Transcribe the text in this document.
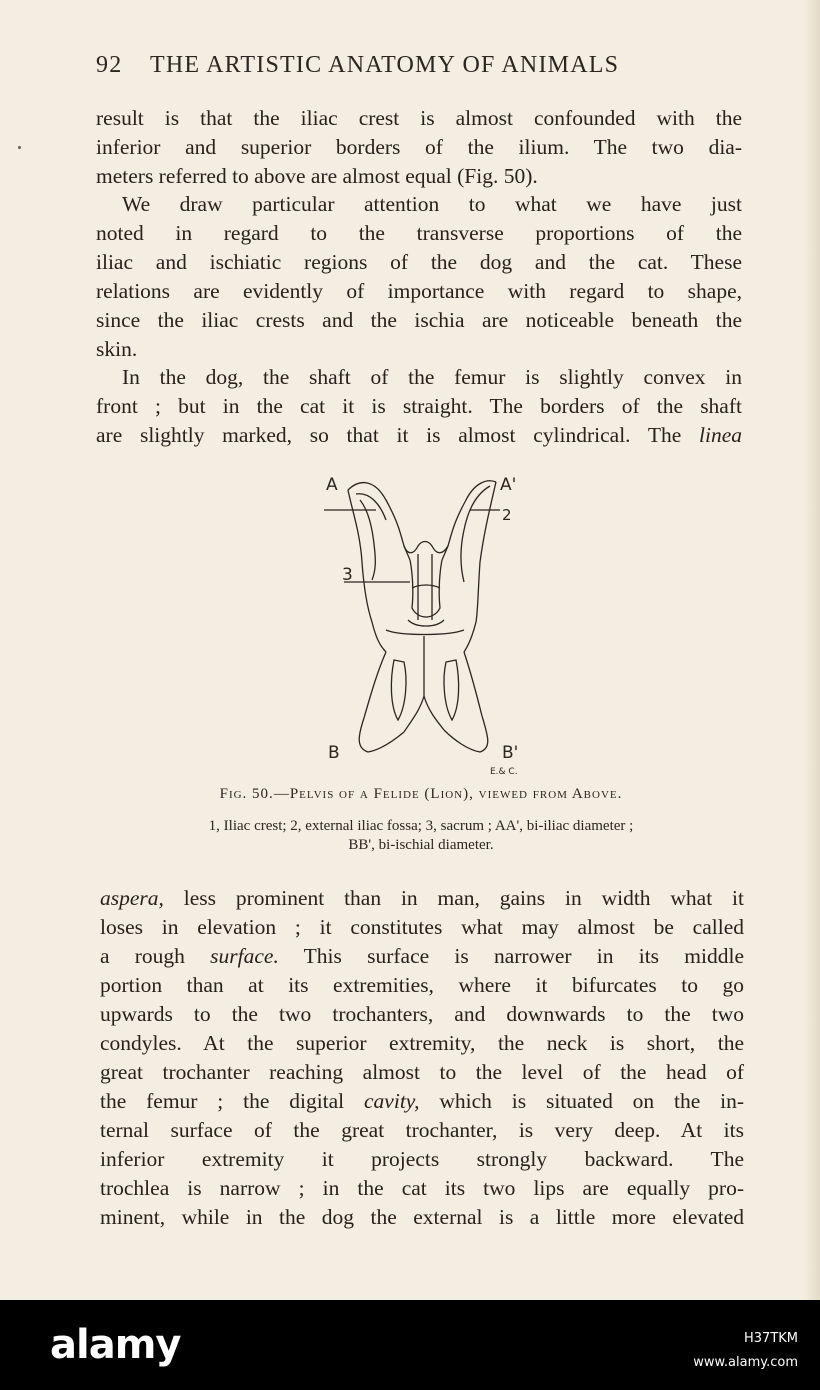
92 THE ARTISTIC ANATOMY OF ANIMALS
result is that the iliac crest is almost confounded with the
inferior and superior borders of the ilium. The two dia-
meters referred to above are almost equal (Fig. 50).
We draw particular attention to what we have just
noted in regard to the transverse proportions of the
iliac and ischiatic regions of the dog and the cat. These
relations are evidently of importance with regard to shape,
since the iliac crests and the ischia are noticeable beneath the
skin.
In the dog, the shaft of the femur is slightly convex in
front ; but in the cat it is straight. The borders of the shaft
are slightly marked, so that it is almost cylindrical. The linea
A	A'
2
3
B	B'
E.& C.
Fig. 50.—Pelvis of a Felide (Lion), viewed from Above.
1, Iliac crest; 2, external iliac fossa; 3, sacrum ; AA', bi-iliac diameter ;
BB', bi-ischial diameter.
aspera, less prominent than in man, gains in width what it
loses in elevation ; it constitutes what may almost be called
a rough surface. This surface is narrower in its middle
portion than at its extremities, where it bifurcates to go
upwards to the two trochanters, and downwards to the two
condyles. At the superior extremity, the neck is short, the
great trochanter reaching almost to the level of the head of
the femur ; the digital cavity, which is situated on the in-
ternal surface of the great trochanter, is very deep. At its
inferior extremity it projects strongly backward. The
trochlea is narrow ; in the cat its two lips are equally pro-
minent, while in the dog the external is a little more elevated
alamy	H37TKM
www.alamy.com
